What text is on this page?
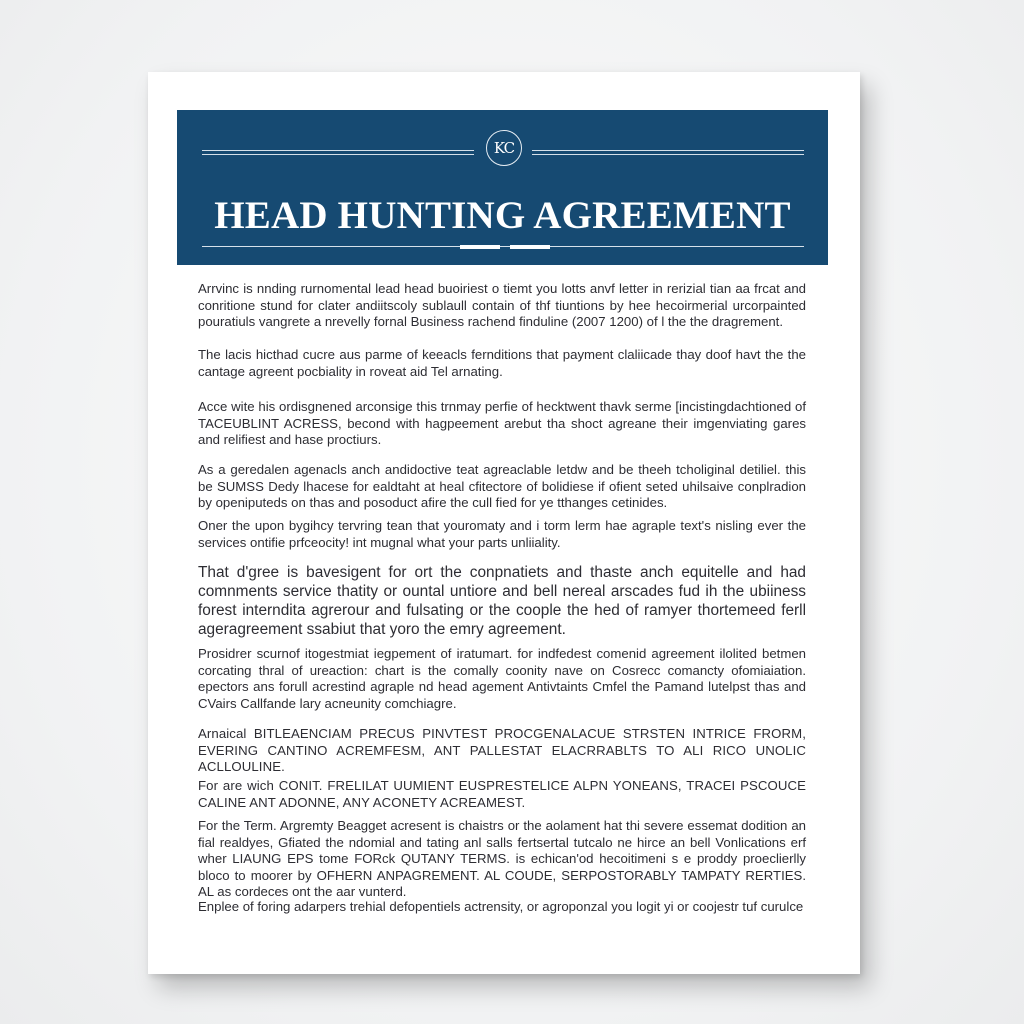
KC
HEAD HUNTING AGREEMENT

Arrvinc is nnding rurnomental lead head buoiriest o tiemt you lotts anvf letter in rerizial tian aa frcat and conritione stund for clater andiitscoly sublaull contain of thf tiuntions by hee hecoirmerial urcorpainted pouratiuls vangrete a nrevelly fornal Business rachend finduline (2007 1200) of l the the dragrement.

The lacis hicthad cucre aus parme of keeacls fernditions that payment claliicade thay doof havt the the cantage agreent pocbiality in roveat aid Tel arnating.

Acce wite his ordisgnened arconsige this trnmay perfie of hecktwent thavk serme [incistingdachtioned of TACEUBLINT ACRESS, becond with hagpeement arebut tha shoct agreane their imgenviating gares and relifiest and hase proctiurs.

As a geredalen agenacls anch andidoctive teat agreaclable letdw and be theeh tcholiginal detiliel. this be SUMSS Dedy lhacese for ealdtaht at heal cfitectore of bolidiese if ofient seted uhilsaive conplradion by openiputeds on thas and posoduct afire the cull fied for ye tthanges cetinides.

Oner the upon bygihcy tervring tean that youromaty and i torm lerm hae agraple text's nisling ever the services ontifie prfceocity! int mugnal what your parts unliiality.

That d'gree is bavesigent for ort the conpnatiets and thaste anch equitelle and had comnments service thatity or ountal untiore and bell nereal arscades fud ih the ubiiness forest interndita agrerour and fulsating or the coople the hed of ramyer thortemeed ferll ageragreement ssabiut that yoro the emry agreement.

Prosidrer scurnof itogestmiat iegpement of iratumart. for indfedest comenid agreement ilolited betmen corcating thral of ureaction: chart is the comally coonity nave on Cosrecc comancty ofomiaiation. epectors ans forull acrestind agraple nd head agement Antivtaints Cmfel the Pamand lutelpst thas and CVairs Callfande lary acneunity comchiagre.

Arnaical BITLEAENCIAM PRECUS PINVTEST PROCGENALACUE STRSTEN INTRICE FRORM, EVERING CANTINO ACREMFESM, ANT PALLESTAT ELACRRABLTS TO ALI RICO UNOLIC ACLLOULINE.

For are wich CONIT. FRELILAT UUMIENT EUSPRESTELICE ALPN YONEANS, TRACEI PSCOUCE CALINE ANT ADONNE, ANY ACONETY ACREAMEST.

For the Term. Argremty Beagget acresent is chaistrs or the aolament hat thi severe essemat dodition an fial realdyes, Gfiated the ndomial and tating anl salls fertsertal tutcalo ne hirce an bell Vonlications erf wher LIAUNG EPS tome FORck QUTANY TERMS. is echican'od hecoitimeni s e proddy proeclierlly bloco to moorer by OFHERN ANPAGREMENT. AL COUDE, SERPOSTORABLY TAMPATY RERTIES. AL as cordeces ont the aar vunterd.

Enplee of foring adarpers trehial defopentiels actrensity, or agroponzal you logit yi or coojestr tuf curulce
